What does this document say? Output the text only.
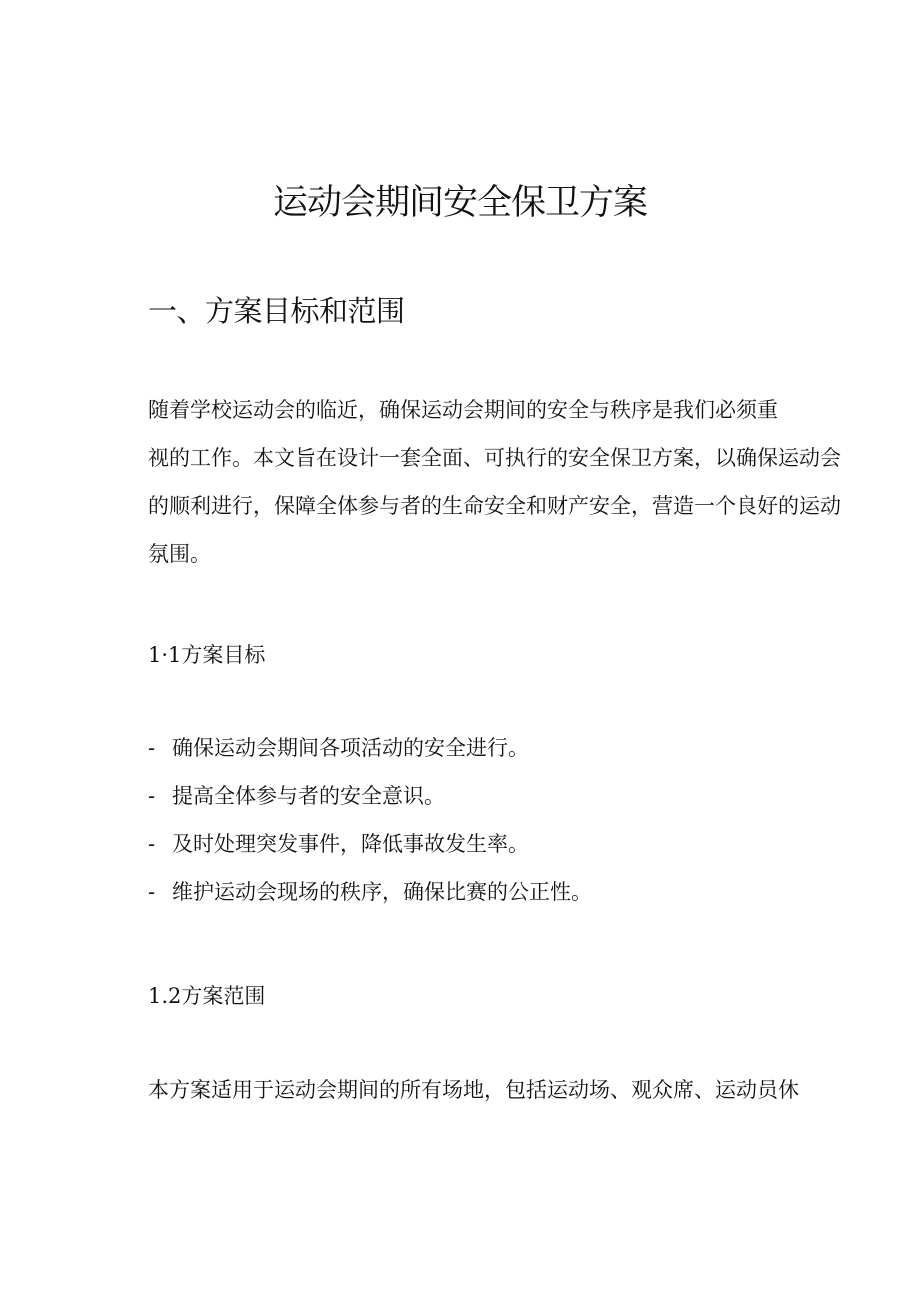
运动会期间安全保卫方案
一、方案目标和范围
随着学校运动会的临近，确保运动会期间的安全与秩序是我们必须重
视的工作。本文旨在设计一套全面、可执行的安全保卫方案，以确保运动会
的顺利进行，保障全体参与者的生命安全和财产安全，营造一个良好的运动
氛围。
1·1方案目标
- 确保运动会期间各项活动的安全进行。
- 提高全体参与者的安全意识。
- 及时处理突发事件，降低事故发生率。
- 维护运动会现场的秩序，确保比赛的公正性。
1.2方案范围

本方案适用于运动会期间的所有场地，包括运动场、观众席、运动员休
